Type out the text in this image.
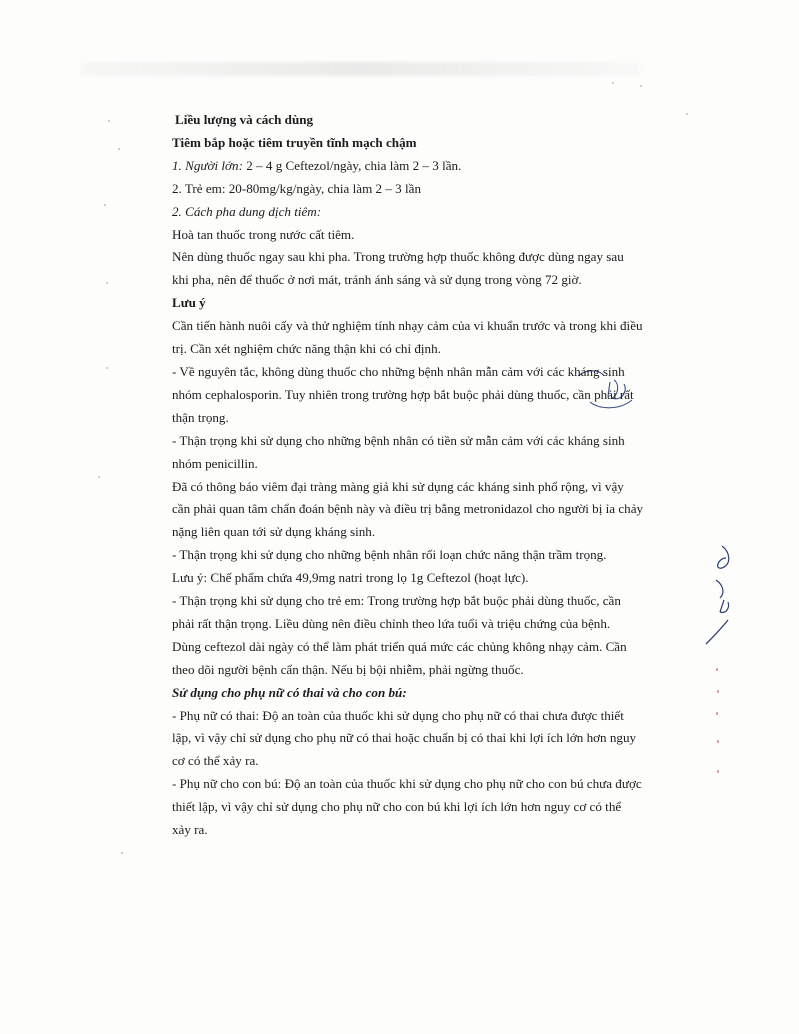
Liều lượng và cách dùng
Tiêm bắp hoặc tiêm truyền tĩnh mạch chậm
1. Người lớn: 2 – 4 g Ceftezol/ngày, chia làm 2 – 3 lần.
2. Trẻ em: 20-80mg/kg/ngày, chia làm 2 – 3 lần
2. Cách pha dung dịch tiêm:
Hoà tan thuốc trong nước cất tiêm.
Nên dùng thuốc ngay sau khi pha. Trong trường hợp thuốc không được dùng ngay sau
khi pha, nên để thuốc ở nơi mát, tránh ánh sáng và sử dụng trong vòng 72 giờ.
Lưu ý
Cần tiến hành nuôi cấy và thử nghiệm tính nhạy cảm của vi khuẩn trước và trong khi điều
trị. Cần xét nghiệm chức năng thận khi có chỉ định.
- Về nguyên tắc, không dùng thuốc cho những bệnh nhân mẫn cảm với các kháng sinh
nhóm cephalosporin. Tuy nhiên trong trường hợp bắt buộc phải dùng thuốc, cần phải rất
thận trọng.
- Thận trọng khi sử dụng cho những bệnh nhân có tiền sử mẫn cảm với các kháng sinh
nhóm penicillin.
Đã có thông báo viêm đại tràng màng giả khi sử dụng các kháng sinh phổ rộng, vì vậy
cần phải quan tâm chẩn đoán bệnh này và điều trị bằng metronidazol cho người bị ỉa chảy
nặng liên quan tới sử dụng kháng sinh.
- Thận trọng khi sử dụng cho những bệnh nhân rối loạn chức năng thận trầm trọng.
Lưu ý: Chế phẩm chứa 49,9mg natri trong lọ 1g Ceftezol (hoạt lực).
- Thận trọng khi sử dụng cho trẻ em: Trong trường hợp bắt buộc phải dùng thuốc, cần
phải rất thận trọng. Liều dùng nên điều chỉnh theo lứa tuổi và triệu chứng của bệnh.
Dùng ceftezol dài ngày có thể làm phát triển quá mức các chủng không nhạy cảm. Cần
theo dõi người bệnh cẩn thận. Nếu bị bội nhiễm, phải ngừng thuốc.
Sử dụng cho phụ nữ có thai và cho con bú:
- Phụ nữ có thai: Độ an toàn của thuốc khi sử dụng cho phụ nữ có thai chưa được thiết
lập, vì vậy chỉ sử dụng cho phụ nữ có thai hoặc chuẩn bị có thai khi lợi ích lớn hơn nguy
cơ có thể xảy ra.
- Phụ nữ cho con bú: Độ an toàn của thuốc khi sử dụng cho phụ nữ cho con bú chưa được
thiết lập, vì vậy chỉ sử dụng cho phụ nữ cho con bú khi lợi ích lớn hơn nguy cơ có thể
xảy ra.
